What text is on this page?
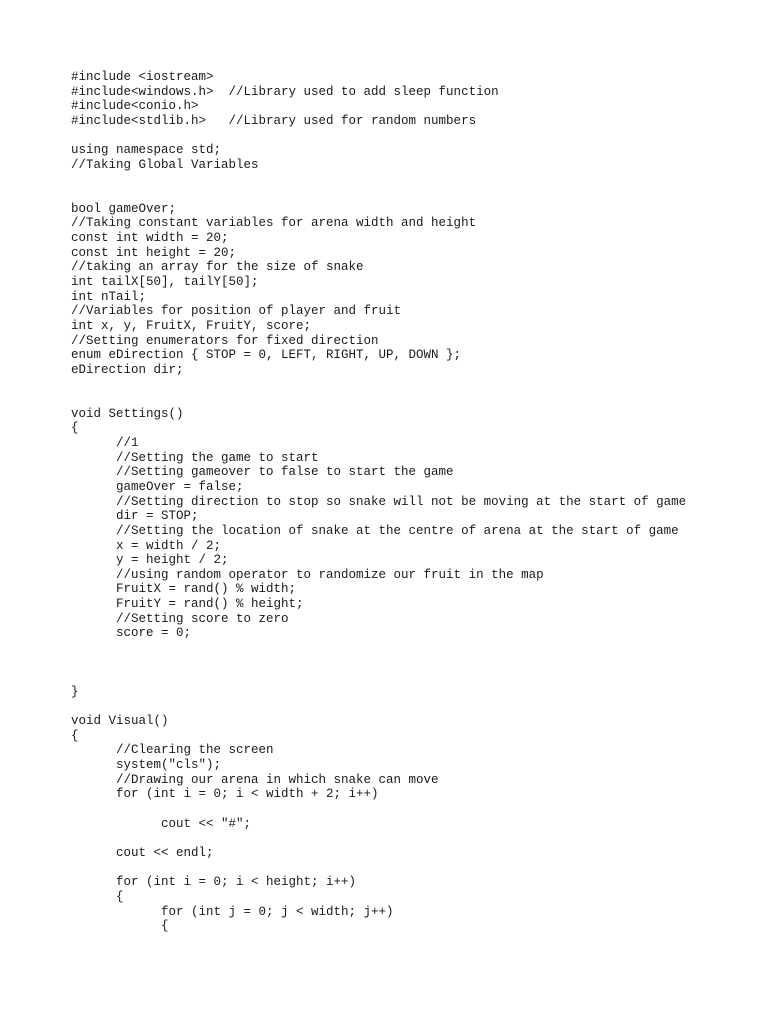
#include <iostream>
#include<windows.h>  //Library used to add sleep function
#include<conio.h>
#include<stdlib.h>   //Library used for random numbers
using namespace std;
//Taking Global Variables
bool gameOver;
//Taking constant variables for arena width and height
const int width = 20;
const int height = 20;
//taking an array for the size of snake
int tailX[50], tailY[50];
int nTail;
//Variables for position of player and fruit
int x, y, FruitX, FruitY, score;
//Setting enumerators for fixed direction
enum eDirection { STOP = 0, LEFT, RIGHT, UP, DOWN };
eDirection dir;
void Settings()
{
//1
//Setting the game to start
//Setting gameover to false to start the game
gameOver = false;
//Setting direction to stop so snake will not be moving at the start of game
dir = STOP;
//Setting the location of snake at the centre of arena at the start of game
x = width / 2;
y = height / 2;
//using random operator to randomize our fruit in the map
FruitX = rand() % width;
FruitY = rand() % height;
//Setting score to zero
score = 0;
}
void Visual()
{
//Clearing the screen
system("cls");
//Drawing our arena in which snake can move
for (int i = 0; i < width + 2; i++)
cout << "#";
cout << endl;
for (int i = 0; i < height; i++)
{
for (int j = 0; j < width; j++)
{
